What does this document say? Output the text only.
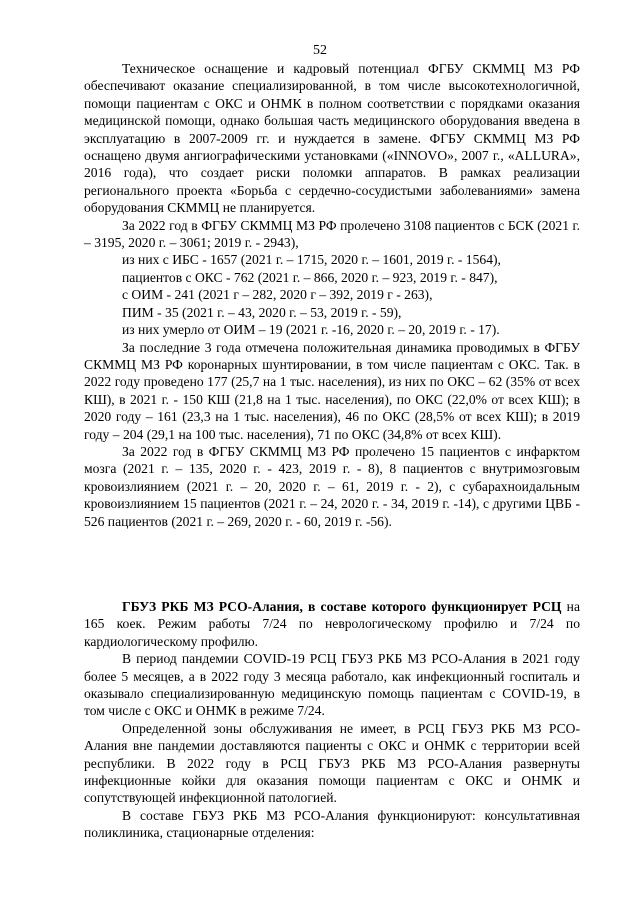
52

Техническое оснащение и кадровый потенциал ФГБУ СКММЦ МЗ РФ обеспечивают оказание специализированной, в том числе высокотехнологичной, помощи пациентам с ОКС и ОНМК в полном соответствии с порядками оказания медицинской помощи, однако большая часть медицинского оборудования введена в эксплуатацию в 2007-2009 гг. и нуждается в замене. ФГБУ СКММЦ МЗ РФ оснащено двумя ангиографическими установками («INNOVO», 2007 г., «ALLURA», 2016 года), что создает риски поломки аппаратов. В рамках реализации регионального проекта «Борьба с сердечно-сосудистыми заболеваниями» замена оборудования СКММЦ не планируется.

За 2022 год в ФГБУ СКММЦ МЗ РФ пролечено 3108 пациентов с БСК (2021 г. – 3195, 2020 г. – 3061; 2019 г. - 2943),

из них с ИБС - 1657 (2021 г. – 1715, 2020 г. – 1601, 2019 г. - 1564),

пациентов с ОКС - 762 (2021 г. – 866, 2020 г. – 923, 2019 г. - 847),

с ОИМ - 241 (2021 г – 282, 2020 г – 392, 2019 г - 263),

ПИМ - 35 (2021 г. – 43, 2020 г. – 53, 2019 г. - 59),

из них умерло от ОИМ – 19 (2021 г. -16, 2020 г. – 20, 2019 г. - 17).

За последние 3 года отмечена положительная динамика проводимых в ФГБУ СКММЦ МЗ РФ коронарных шунтировании, в том числе пациентам с ОКС. Так. в 2022 году проведено 177 (25,7 на 1 тыс. населения), из них по ОКС – 62 (35% от всех КШ), в 2021 г. - 150 КШ (21,8 на 1 тыс. населения), по ОКС (22,0% от всех КШ); в 2020 году – 161 (23,3 на 1 тыс. населения), 46 по ОКС (28,5% от всех КШ); в 2019 году – 204 (29,1 на 100 тыс. населения), 71 по ОКС (34,8% от всех КШ).

За 2022 год в ФГБУ СКММЦ МЗ РФ пролечено 15 пациентов с инфарктом мозга (2021 г. – 135, 2020 г. - 423, 2019 г. - 8), 8 пациентов с внутримозговым кровоизлиянием (2021 г. – 20, 2020 г. – 61, 2019 г. - 2), с субарахноидальным кровоизлиянием 15 пациентов (2021 г. – 24, 2020 г. - 34, 2019 г. -14), с другими ЦВБ - 526 пациентов (2021 г. – 269, 2020 г. - 60, 2019 г. -56).

ГБУЗ РКБ МЗ РСО-Алания, в составе которого функционирует РСЦ на 165 коек. Режим работы 7/24 по неврологическому профилю и 7/24 по кардиологическому профилю.

В период пандемии COVID-19 РСЦ ГБУЗ РКБ МЗ РСО-Алания в 2021 году более 5 месяцев, а в 2022 году 3 месяца работало, как инфекционный госпиталь и оказывало специализированную медицинскую помощь пациентам с COVID-19, в том числе с ОКС и ОНМК в режиме 7/24.

Определенной зоны обслуживания не имеет, в РСЦ ГБУЗ РКБ МЗ РСО-Алания вне пандемии доставляются пациенты с ОКС и ОНМК с территории всей республики. В 2022 году в РСЦ ГБУЗ РКБ МЗ РСО-Алания развернуты инфекционные койки для оказания помощи пациентам с ОКС и ОНМК и сопутствующей инфекционной патологией.

В составе ГБУЗ РКБ МЗ РСО-Алания функционируют: консультативная поликлиника, стационарные отделения:
